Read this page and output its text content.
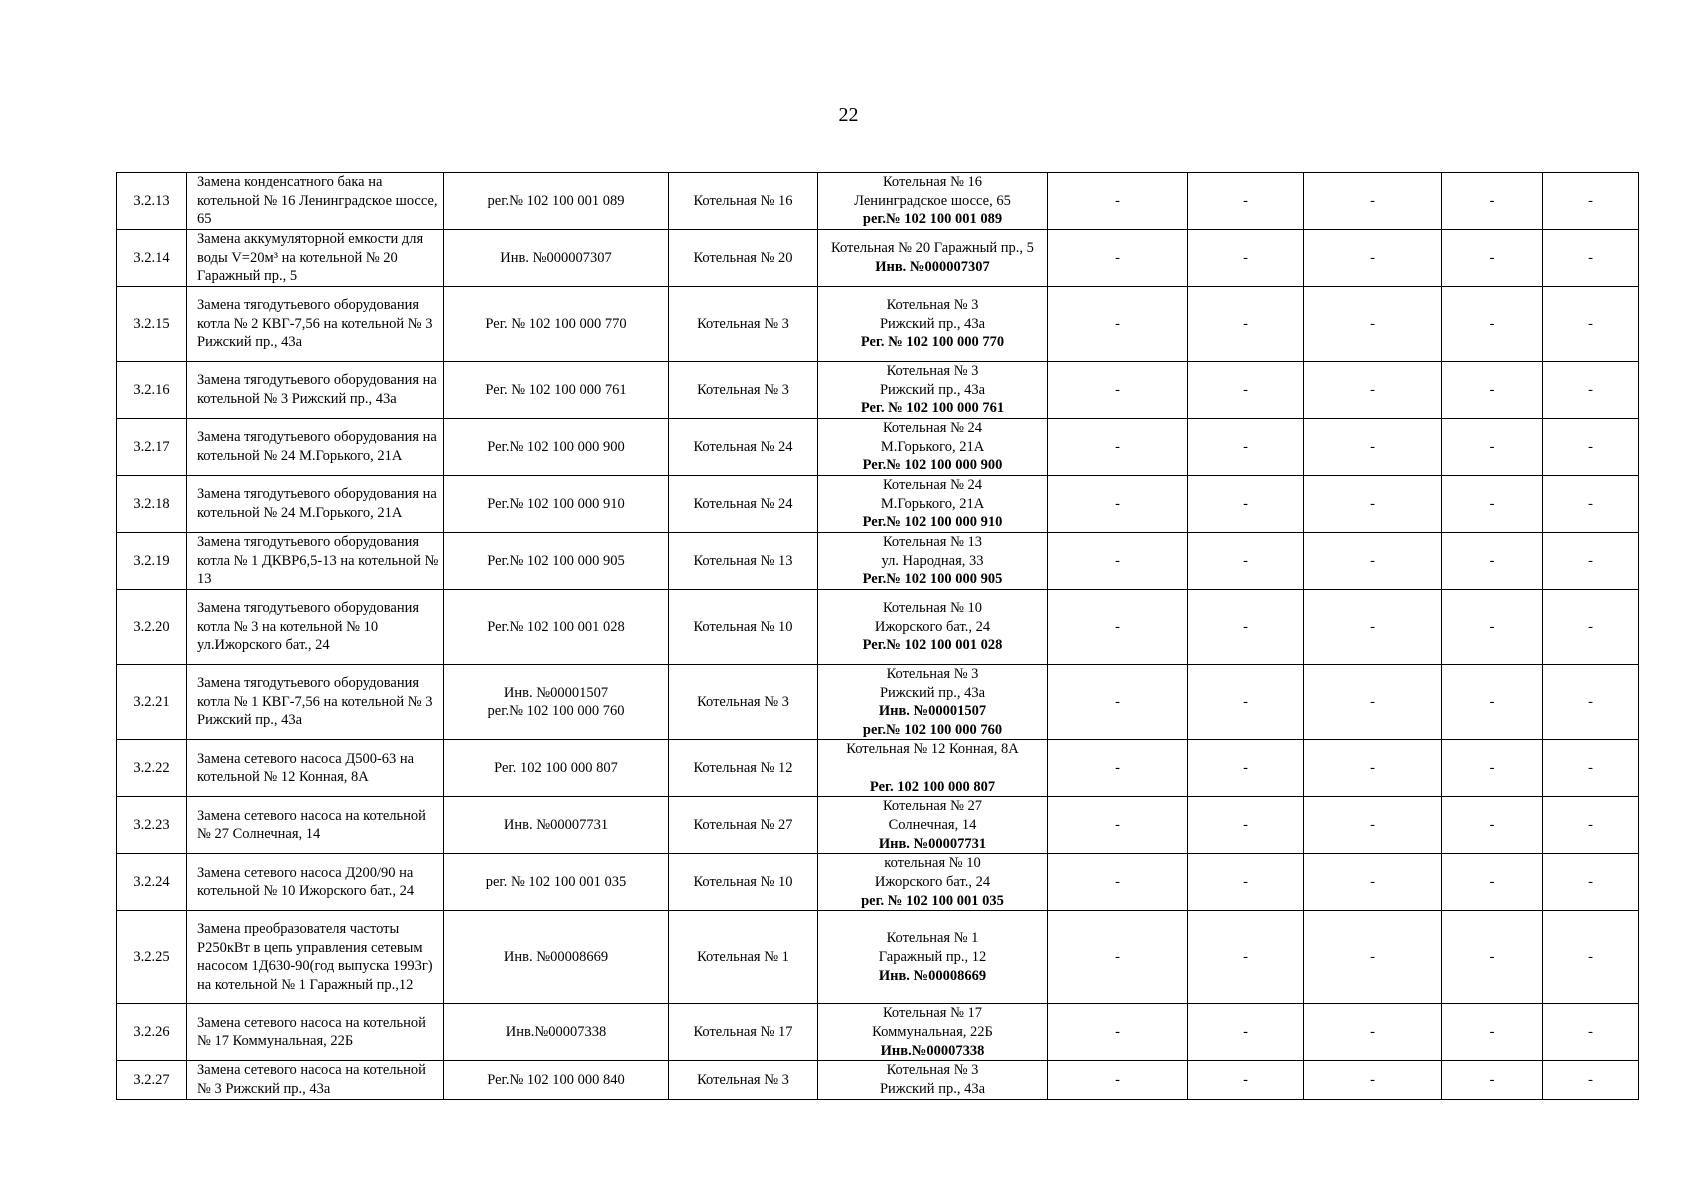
22
3.2.13	Замена конденсатного бака на котельной № 16 Ленинградское шоссе, 65	рег.№ 102 100 001 089	Котельная № 16	Котельная № 16
Ленинградское шоссе, 65
рег.№ 102 100 001 089	-	-	-	-	-
3.2.14	Замена аккумуляторной емкости для воды V=20м³ на котельной № 20 Гаражный пр., 5	Инв. №000007307	Котельная № 20	Котельная № 20 Гаражный пр., 5
Инв. №000007307	-	-	-	-	-
3.2.15	Замена тягодутьевого оборудования котла № 2 КВГ-7,56 на котельной № 3 Рижский пр., 43а	Рег. № 102 100 000 770	Котельная № 3	Котельная № 3
Рижский пр., 43а
Рег. № 102 100 000 770	-	-	-	-	-
3.2.16	Замена тягодутьевого оборудования на котельной № 3 Рижский пр., 43а	Рег. № 102 100 000 761	Котельная № 3	Котельная № 3
Рижский пр., 43а
Рег. № 102 100 000 761	-	-	-	-	-
3.2.17	Замена тягодутьевого оборудования на котельной № 24 М.Горького, 21А	Рег.№ 102 100 000 900	Котельная № 24	Котельная № 24
М.Горького, 21А
Рег.№ 102 100 000 900	-	-	-	-	-
3.2.18	Замена тягодутьевого оборудования на котельной № 24 М.Горького, 21А	Рег.№ 102 100 000 910	Котельная № 24	Котельная № 24
М.Горького, 21А
Рег.№ 102 100 000 910	-	-	-	-	-
3.2.19	Замена тягодутьевого оборудования котла № 1 ДКВР6,5-13 на котельной № 13	Рег.№ 102 100 000 905	Котельная № 13	Котельная № 13
ул. Народная, 33
Рег.№ 102 100 000 905	-	-	-	-	-
3.2.20	Замена тягодутьевого оборудования котла № 3 на котельной № 10 ул.Ижорского бат., 24	Рег.№ 102 100 001 028	Котельная № 10	Котельная № 10
Ижорского бат., 24
Рег.№ 102 100 001 028	-	-	-	-	-
3.2.21	Замена тягодутьевого оборудования котла № 1 КВГ-7,56 на котельной № 3 Рижский пр., 43а	Инв. №00001507
рег.№ 102 100 000 760	Котельная № 3	Котельная № 3
Рижский пр., 43а
Инв. №00001507
рег.№ 102 100 000 760	-	-	-	-	-
3.2.22	Замена сетевого насоса Д500-63 на котельной № 12 Конная, 8А	Рег. 102 100 000 807	Котельная № 12	Котельная № 12 Конная, 8А
Рег. 102 100 000 807	-	-	-	-	-
3.2.23	Замена сетевого насоса на котельной № 27 Солнечная, 14	Инв. №00007731	Котельная № 27	Котельная № 27
Солнечная, 14
Инв. №00007731	-	-	-	-	-
3.2.24	Замена сетевого насоса Д200/90 на котельной № 10 Ижорского бат., 24	рег. № 102 100 001 035	Котельная № 10	котельная № 10
Ижорского бат., 24
рег. № 102 100 001 035	-	-	-	-	-
3.2.25	Замена преобразователя частоты Р250кВт в цепь управления сетевым насосом 1Д630-90(год выпуска 1993г) на котельной № 1 Гаражный пр.,12	Инв. №00008669	Котельная № 1	Котельная № 1
Гаражный пр., 12
Инв. №00008669	-	-	-	-	-
3.2.26	Замена сетевого насоса на котельной № 17 Коммунальная, 22Б	Инв.№00007338	Котельная № 17	Котельная № 17
Коммунальная, 22Б
Инв.№00007338	-	-	-	-	-
3.2.27	Замена сетевого насоса на котельной № 3 Рижский пр., 43а	Рег.№ 102 100 000 840	Котельная № 3	Котельная № 3
Рижский пр., 43а	-	-	-	-	-
